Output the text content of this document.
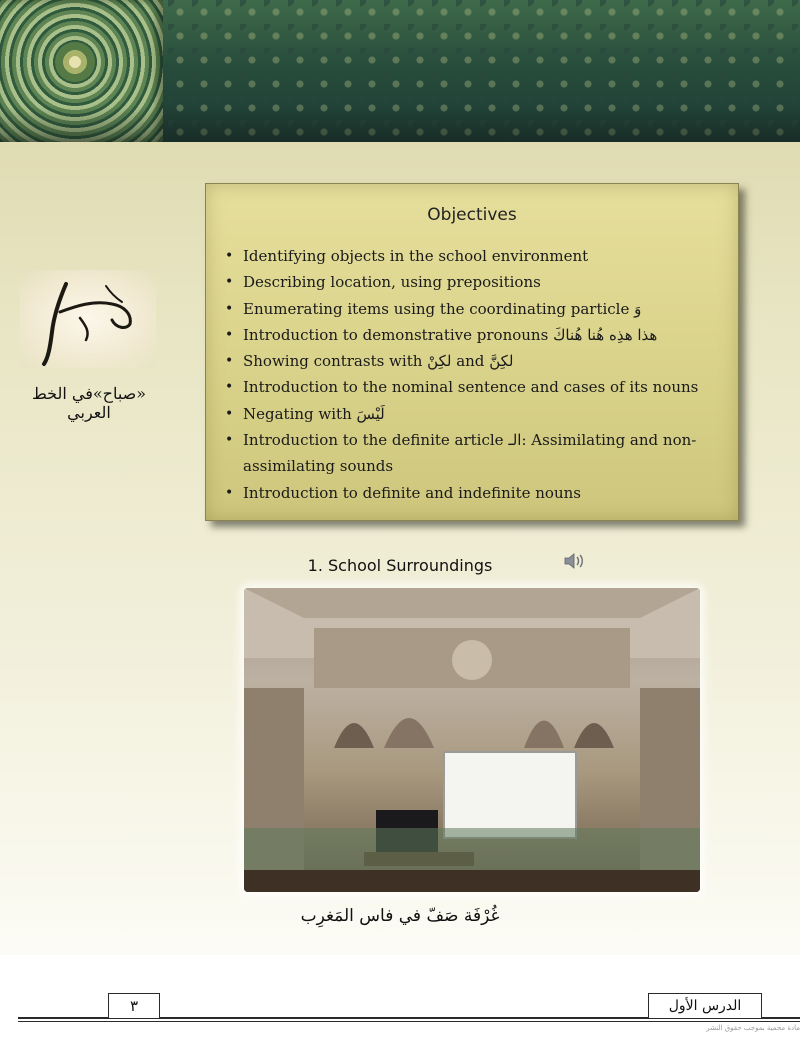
Objectives
• Identifying objects in the school environment
• Describing location, using prepositions
• Enumerating items using the coordinating particle وَ
• Introduction to demonstrative pronouns هذا هذِه هُنا هُناكَ
• Showing contrasts with لكِنْ and لكِنَّ
• Introduction to the nominal sentence and cases of its nouns
• Negating with لَيْسَ
• Introduction to the definite article الـ: Assimilating and non-assimilating sounds
• Introduction to definite and indefinite nouns
«صباح»في الخط العربي
1. School Surroundings
غُرْفَة صَفّ في فاس المَغرِب
٣	الدرس الأول
مادة محمية بموجب حقوق النشر
